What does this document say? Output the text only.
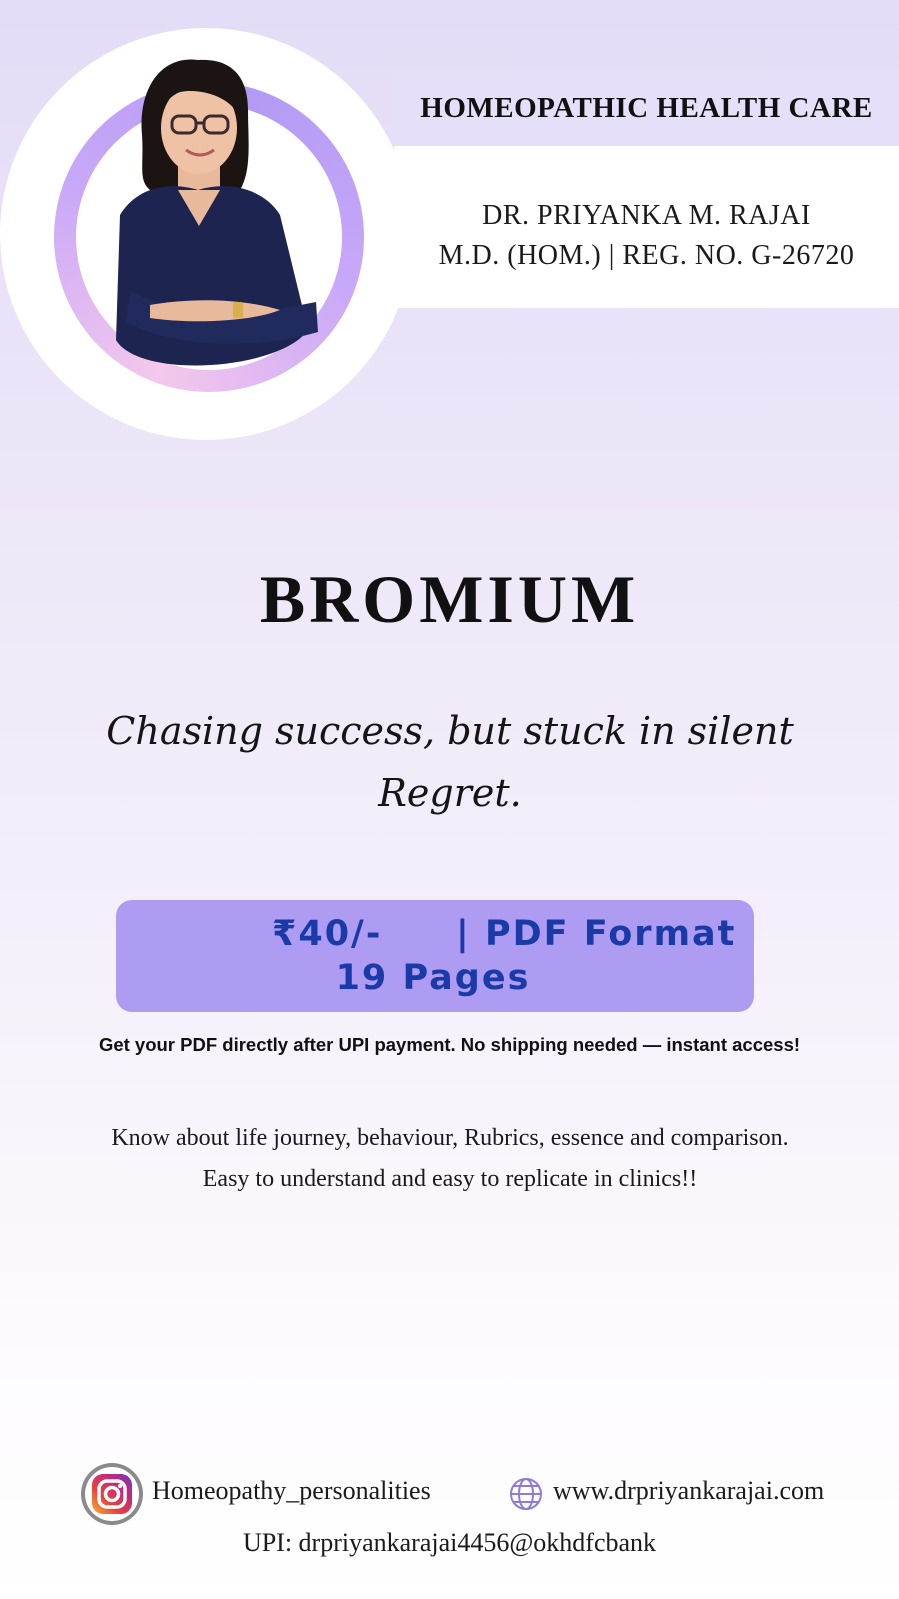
HOMEOPATHIC HEALTH CARE
DR. PRIYANKA M. RAJAI
M.D. (HOM.) | REG. NO. G-26720
BROMIUM
Chasing success, but stuck in silent Regret.
₹40/- | PDF Format
19 Pages
Get your PDF directly after UPI payment. No shipping needed — instant access!
Know about life journey, behaviour, Rubrics, essence and comparison.
Easy to understand and easy to replicate in clinics!!
Homeopathy_personalities	www.drpriyankarajai.com
UPI: drpriyankarajai4456@okhdfcbank
